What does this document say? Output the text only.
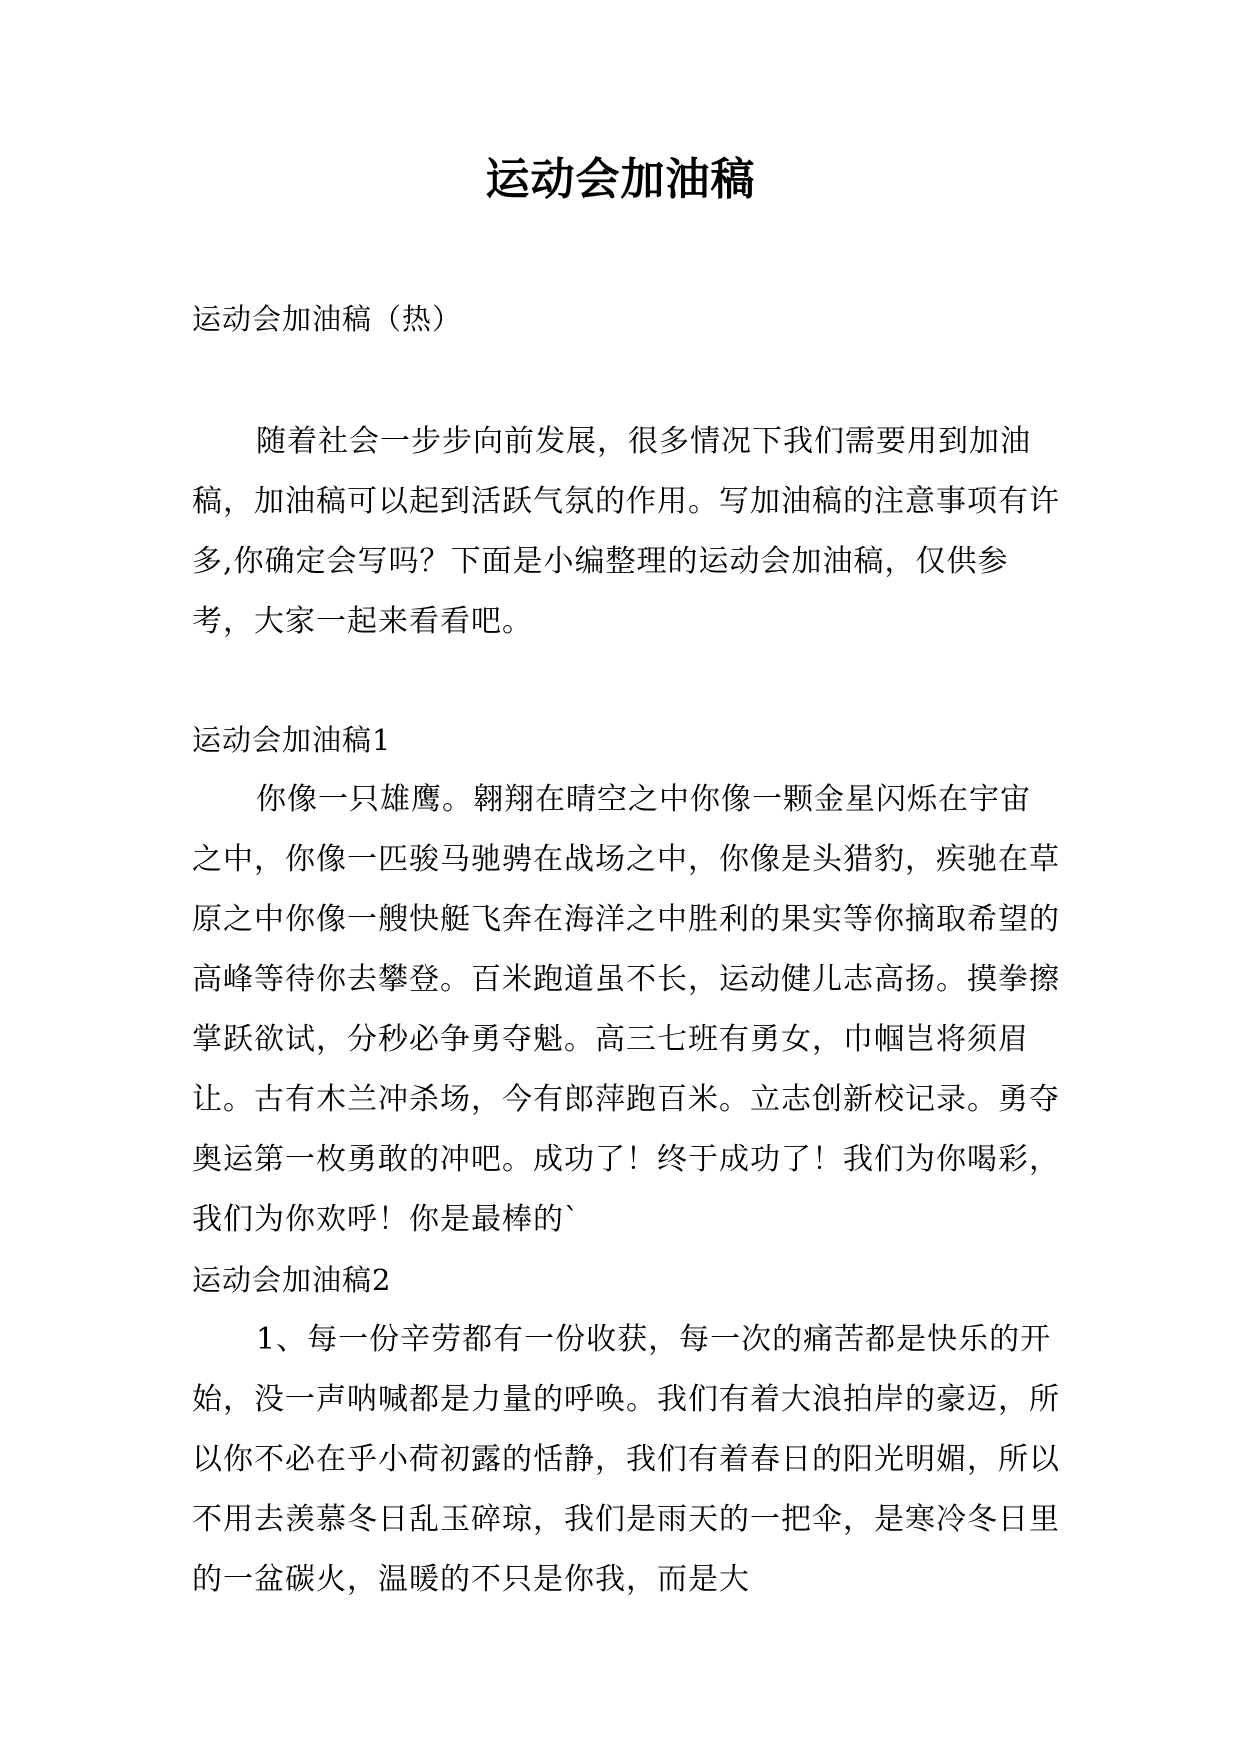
运动会加油稿

运动会加油稿（热）

随着社会一步步向前发展，很多情况下我们需要用到加油稿，加油稿可以起到活跃气氛的作用。写加油稿的注意事项有许多,你确定会写吗？下面是小编整理的运动会加油稿，仅供参考，大家一起来看看吧。

运动会加油稿1

你像一只雄鹰。翱翔在晴空之中你像一颗金星闪烁在宇宙之中，你像一匹骏马驰骋在战场之中，你像是头猎豹，疾驰在草原之中你像一艘快艇飞奔在海洋之中胜利的果实等你摘取希望的高峰等待你去攀登。百米跑道虽不长，运动健儿志高扬。摸拳擦掌跃欲试，分秒必争勇夺魁。高三七班有勇女，巾帼岂将须眉让。古有木兰冲杀场，今有郎萍跑百米。立志创新校记录。勇夺奥运第一枚勇敢的冲吧。成功了！终于成功了！我们为你喝彩，我们为你欢呼！你是最棒的`

运动会加油稿2

1、每一份辛劳都有一份收获，每一次的痛苦都是快乐的开始，没一声呐喊都是力量的呼唤。我们有着大浪拍岸的豪迈，所以你不必在乎小荷初露的恬静，我们有着春日的阳光明媚，所以不用去羡慕冬日乱玉碎琼，我们是雨天的一把伞，是寒冷冬日里的一盆碳火，温暖的不只是你我，而是大
